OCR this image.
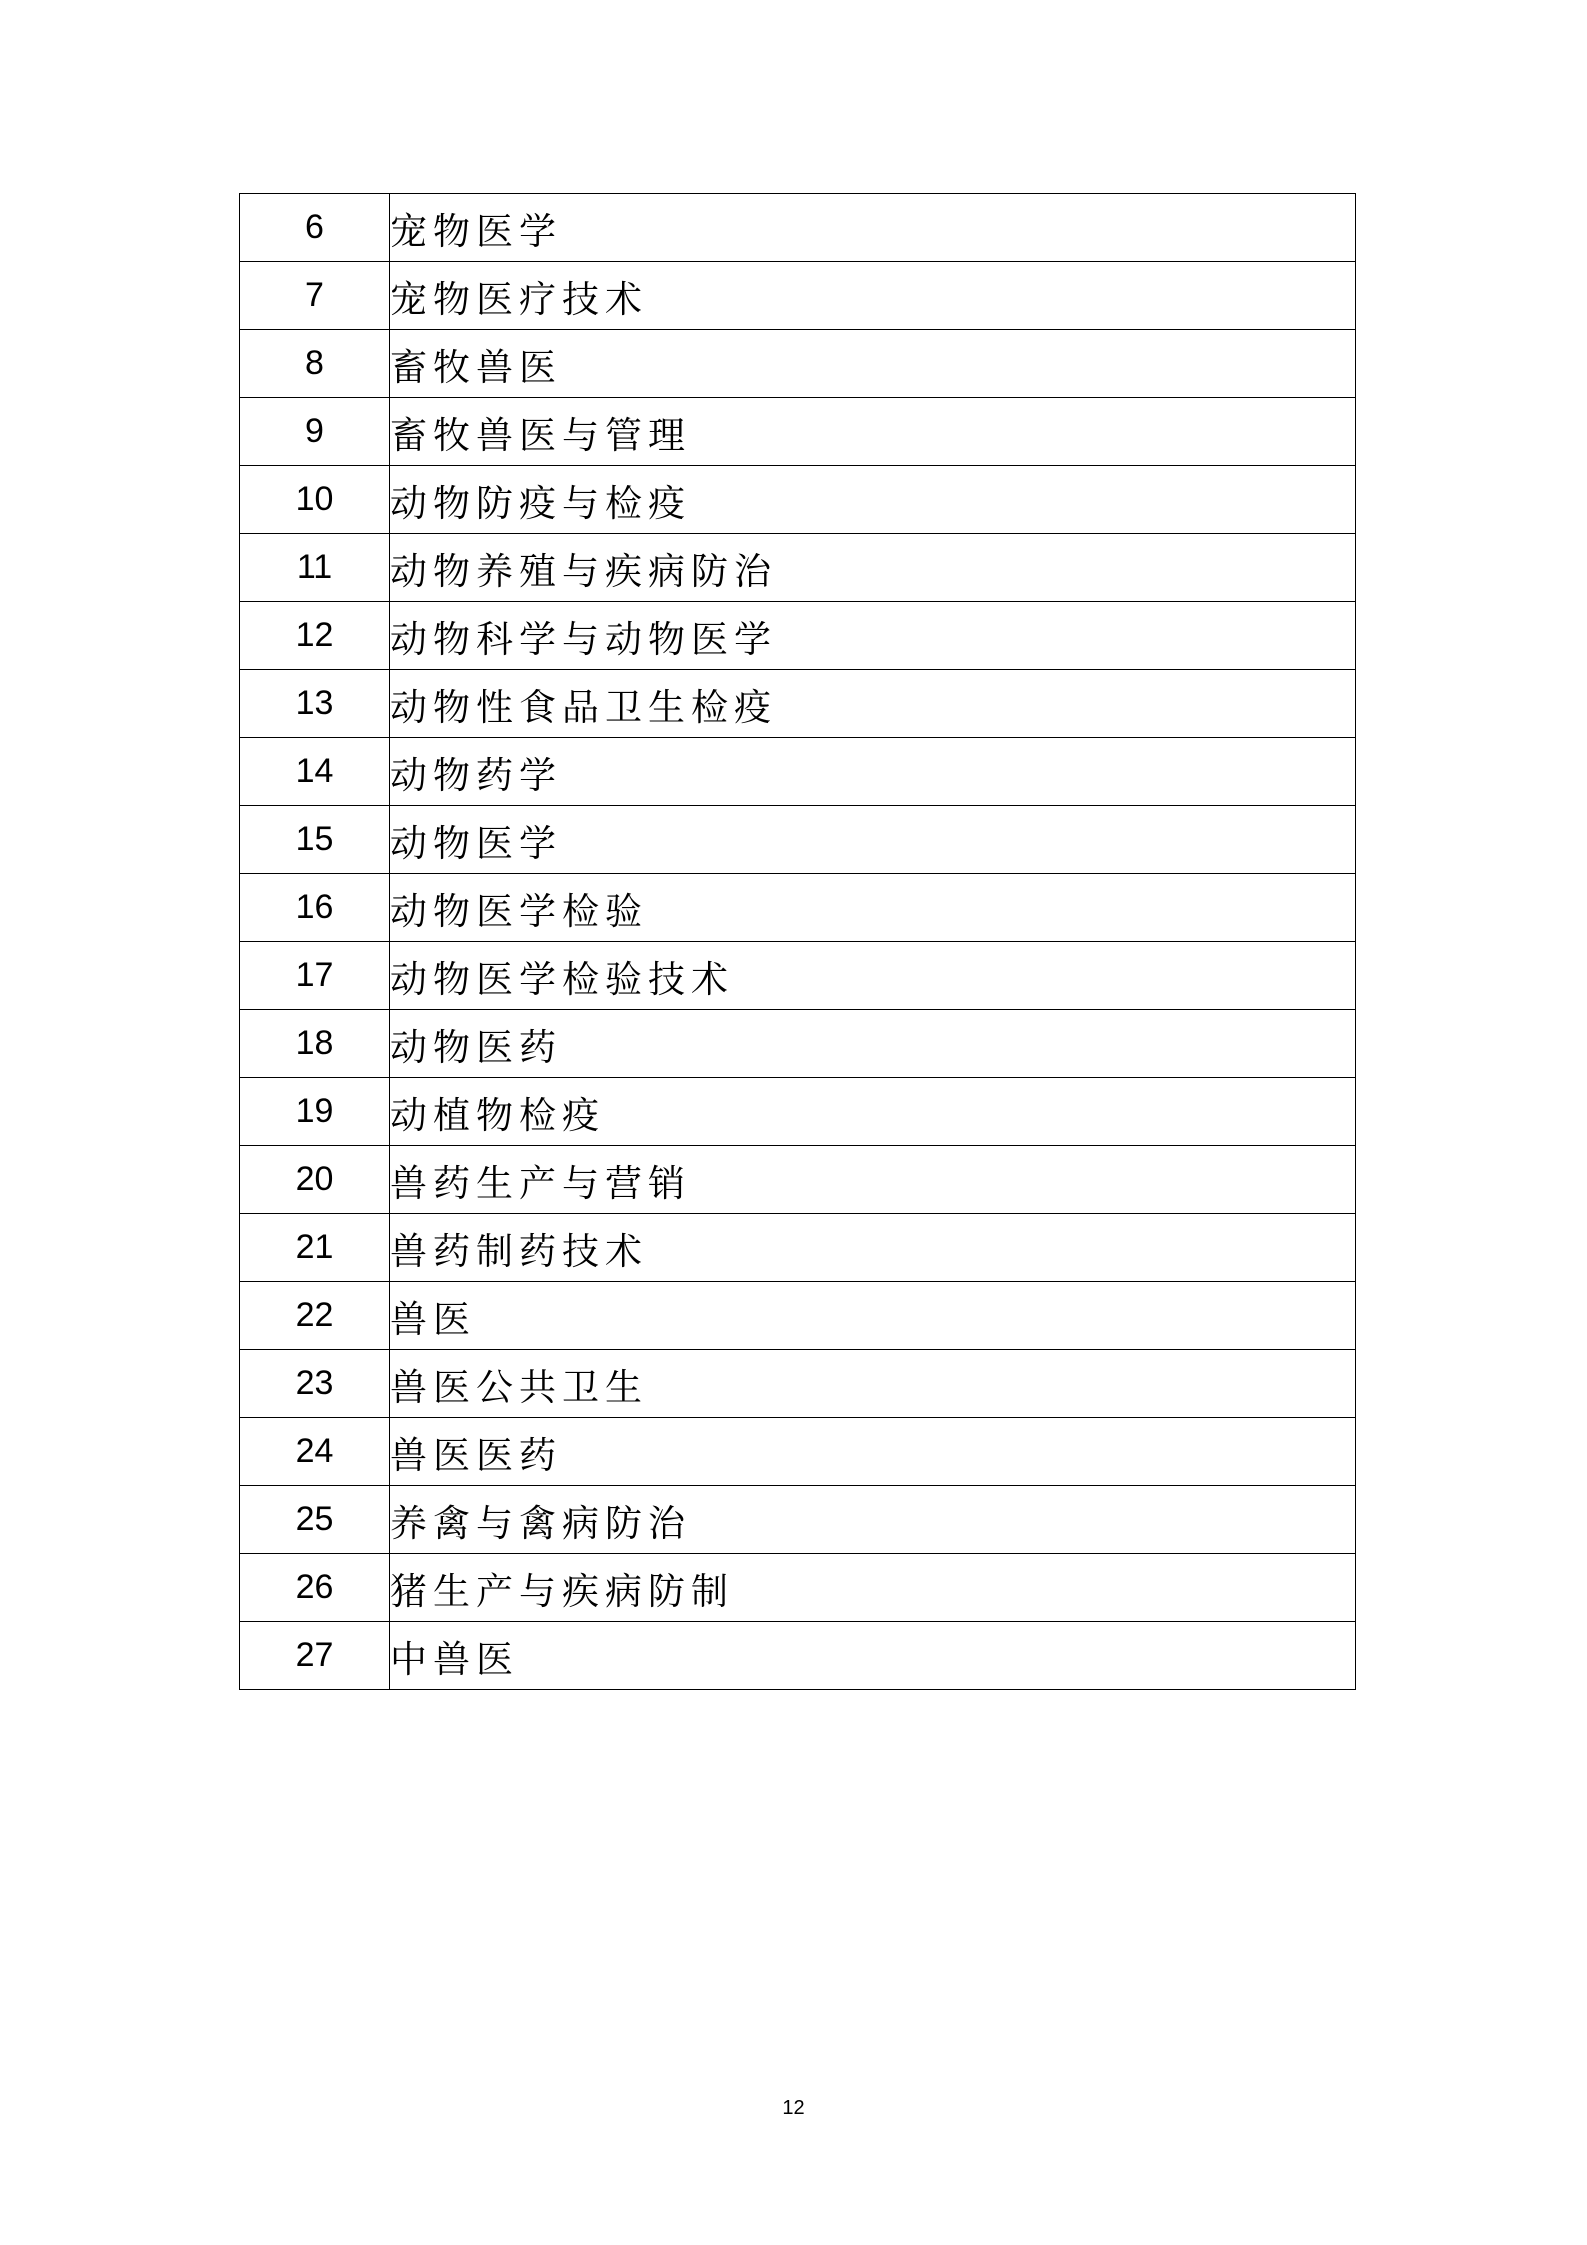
6	宠物医学
7	宠物医疗技术
8	畜牧兽医
9	畜牧兽医与管理
10	动物防疫与检疫
11	动物养殖与疾病防治
12	动物科学与动物医学
13	动物性食品卫生检疫
14	动物药学
15	动物医学
16	动物医学检验
17	动物医学检验技术
18	动物医药
19	动植物检疫
20	兽药生产与营销
21	兽药制药技术
22	兽医
23	兽医公共卫生
24	兽医医药
25	养禽与禽病防治
26	猪生产与疾病防制
27	中兽医
12
